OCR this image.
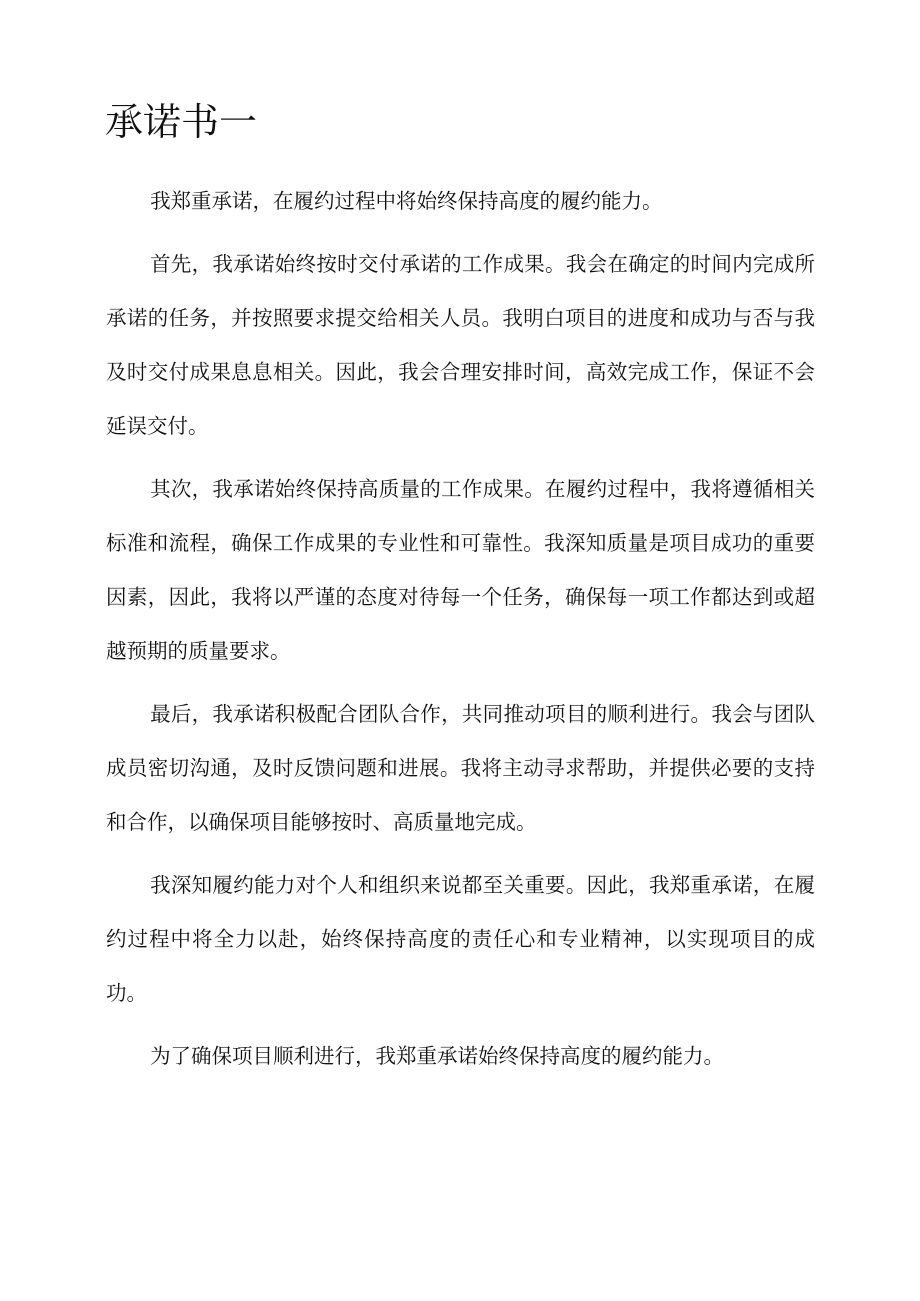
承诺书一

我郑重承诺，在履约过程中将始终保持高度的履约能力。

首先，我承诺始终按时交付承诺的工作成果。我会在确定的时间内完成所承诺的任务，并按照要求提交给相关人员。我明白项目的进度和成功与否与我及时交付成果息息相关。因此，我会合理安排时间，高效完成工作，保证不会延误交付。

其次，我承诺始终保持高质量的工作成果。在履约过程中，我将遵循相关标准和流程，确保工作成果的专业性和可靠性。我深知质量是项目成功的重要因素，因此，我将以严谨的态度对待每一个任务，确保每一项工作都达到或超越预期的质量要求。

最后，我承诺积极配合团队合作，共同推动项目的顺利进行。我会与团队成员密切沟通，及时反馈问题和进展。我将主动寻求帮助，并提供必要的支持和合作，以确保项目能够按时、高质量地完成。

我深知履约能力对个人和组织来说都至关重要。因此，我郑重承诺，在履约过程中将全力以赴，始终保持高度的责任心和专业精神，以实现项目的成功。

为了确保项目顺利进行，我郑重承诺始终保持高度的履约能力。
